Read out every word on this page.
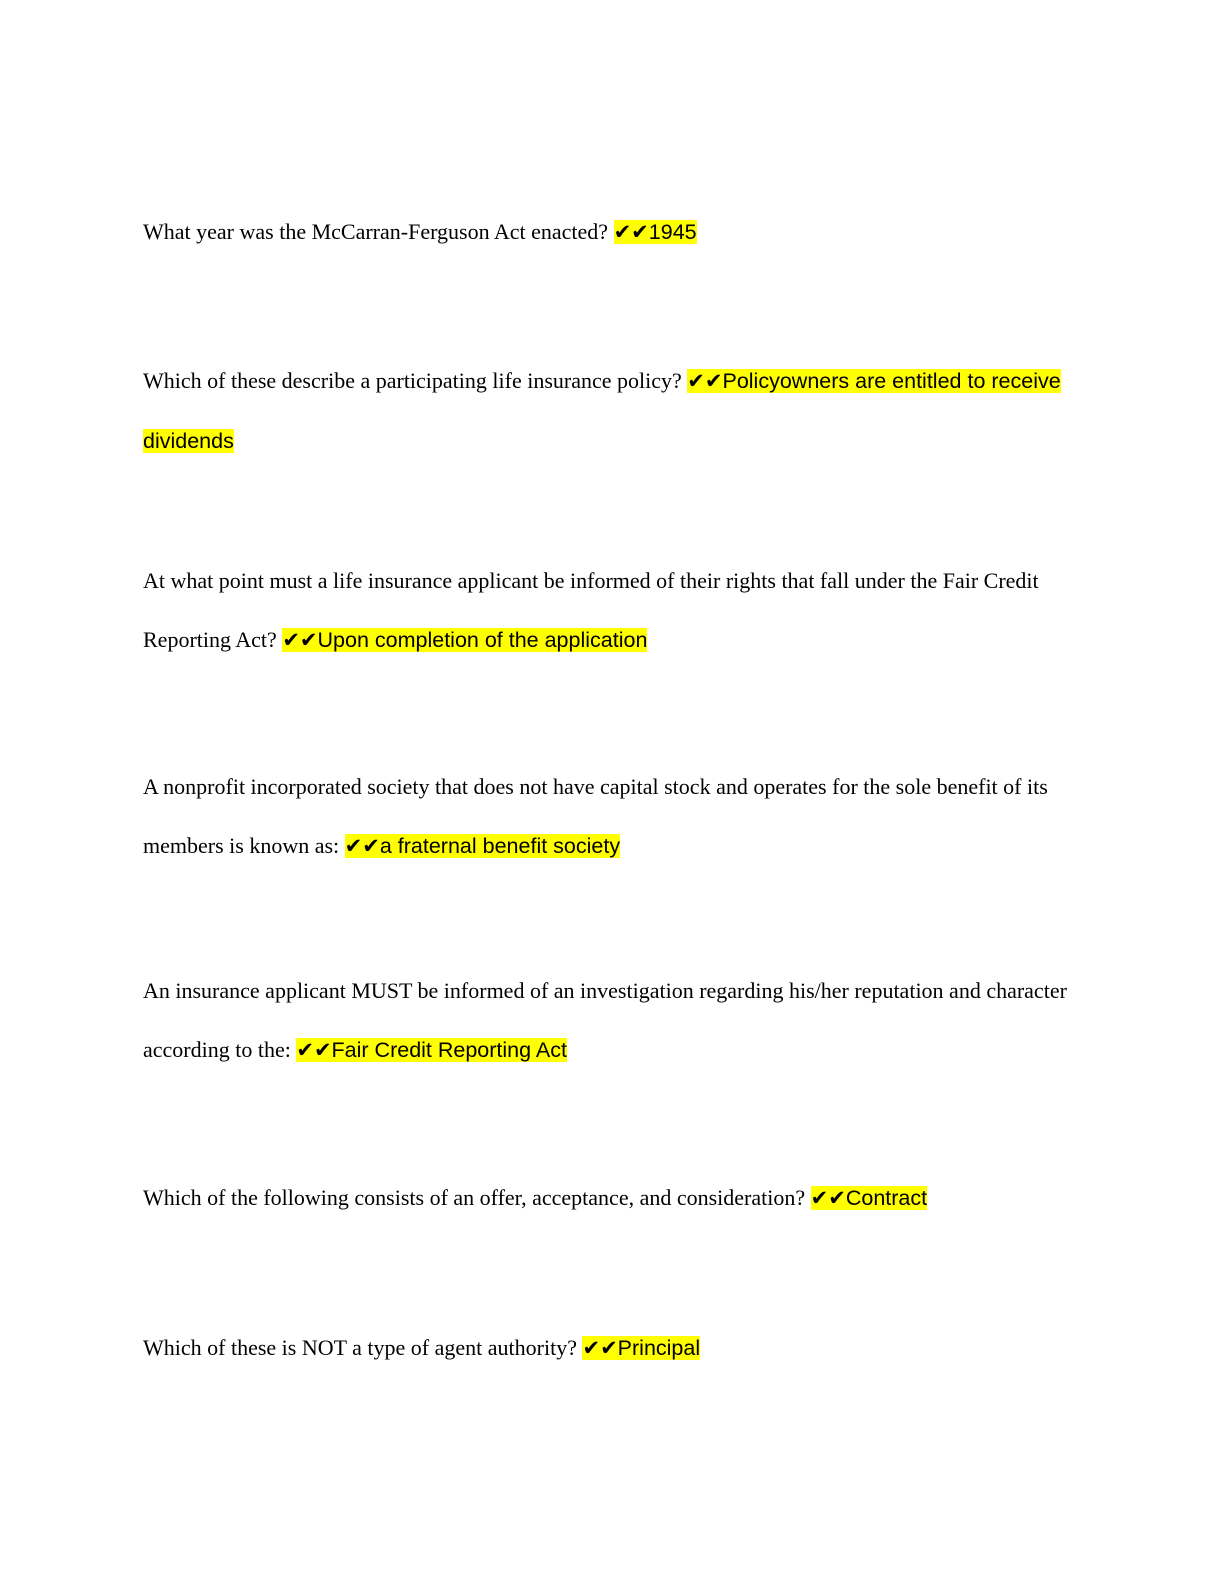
What year was the McCarran-Ferguson Act enacted? ✔✔1945
Which of these describe a participating life insurance policy? ✔✔Policyowners are entitled to receive dividends
At what point must a life insurance applicant be informed of their rights that fall under the Fair Credit Reporting Act? ✔✔Upon completion of the application
A nonprofit incorporated society that does not have capital stock and operates for the sole benefit of its members is known as: ✔✔a fraternal benefit society
An insurance applicant MUST be informed of an investigation regarding his/her reputation and character according to the: ✔✔Fair Credit Reporting Act
Which of the following consists of an offer, acceptance, and consideration? ✔✔Contract
Which of these is NOT a type of agent authority? ✔✔Principal
